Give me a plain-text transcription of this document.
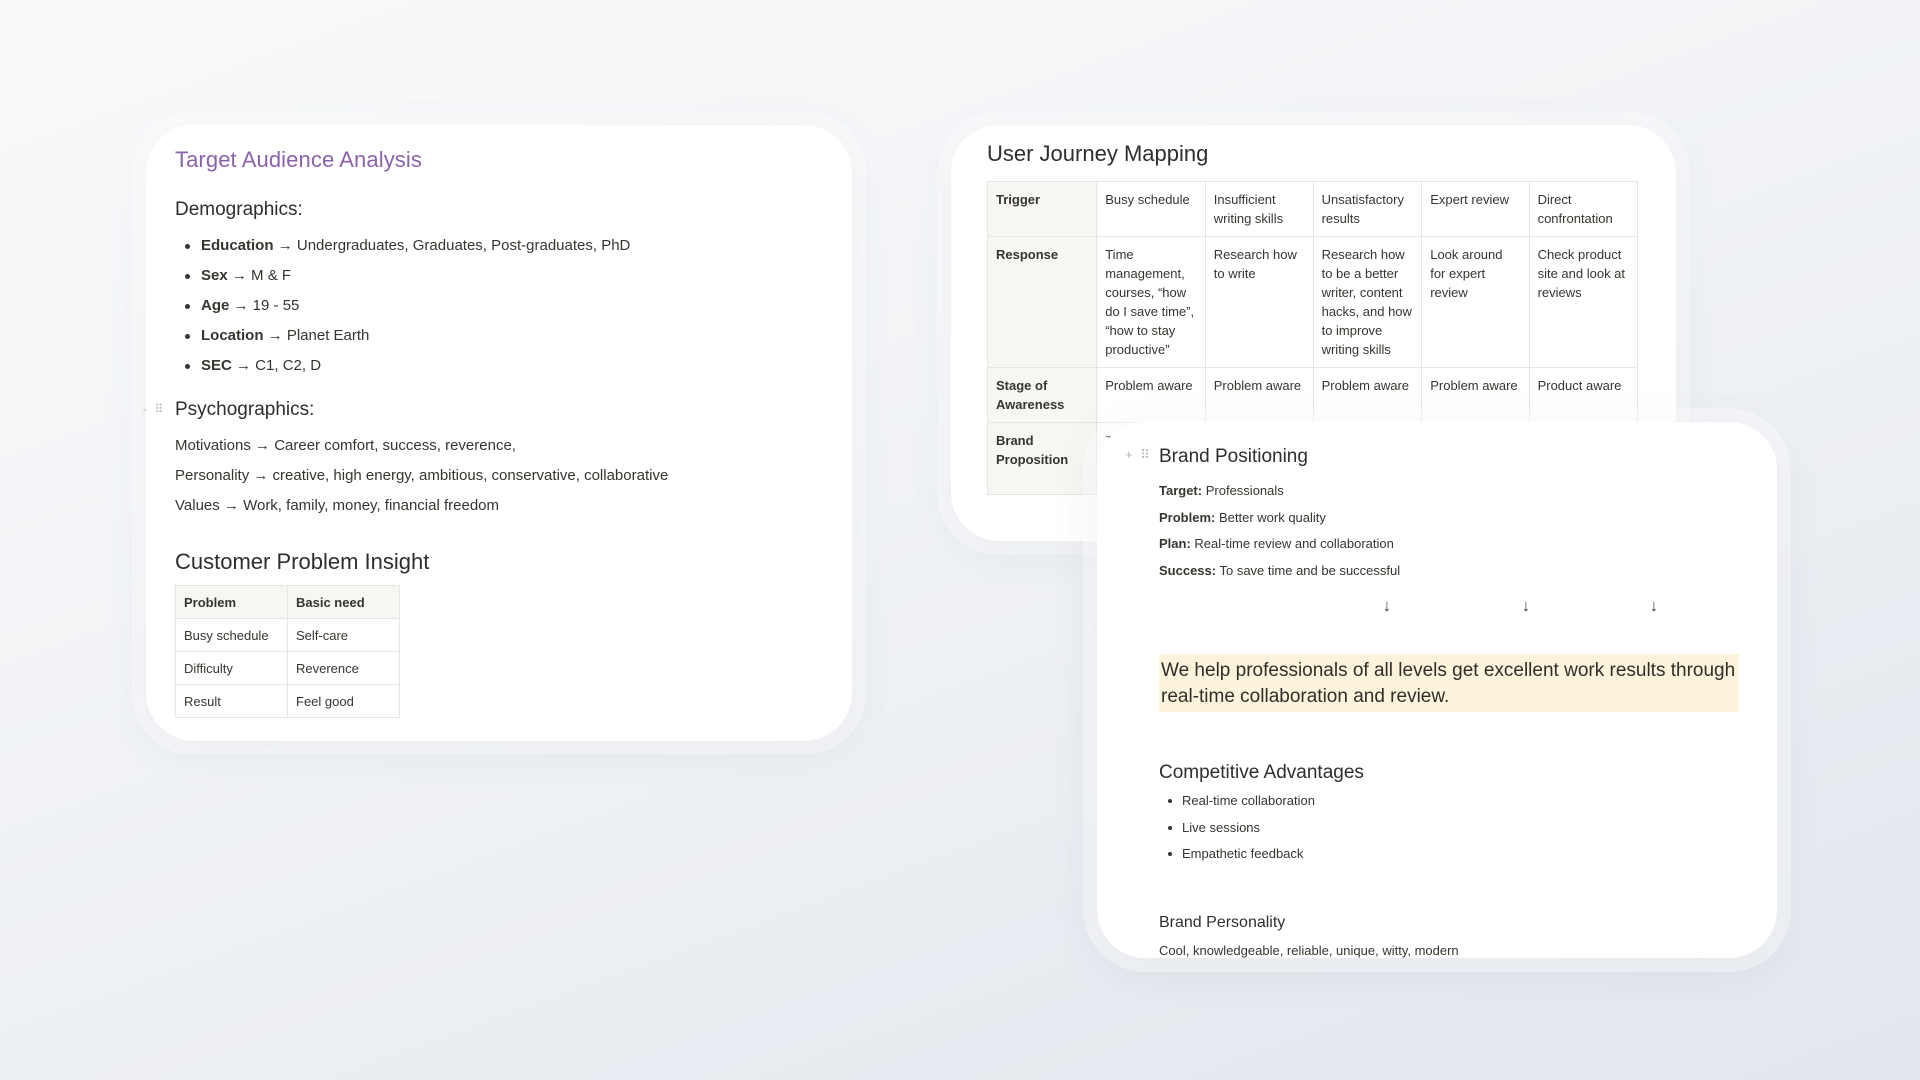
Target Audience Analysis
Demographics:
Education → Undergraduates, Graduates, Post-graduates, PhD
Sex → M & F
Age → 19 - 55
Location → Planet Earth
SEC → C1, C2, D
- ⠿ Psychographics:

Motivations → Career comfort, success, reverence,

Personality → creative, high energy, ambitious, conservative, collaborative

Values → Work, family, money, financial freedom

Customer Problem Insight
Problem	Basic need
Busy schedule	Self-care
Difficulty	Reverence
Result	Feel good
User Journey Mapping
Trigger	Busy schedule	Insufficient writing skills	Unsatisfactory results	Expert review	Direct confrontation
Response	Time management, courses, “how do I save time”, “how to stay productive”	Research how to write	Research how to be a better writer, content hacks, and how to improve writing skills	Look around for expert review	Check product site and look at reviews
Stage of Awareness	Problem aware	Problem aware	Problem aware	Problem aware	Product aware
Brand Proposition						+ ⠿ Brand Positioning

Target: Professionals

Problem: Better work quality

Plan: Real-time review and collaboration

Success: To save time and be successful

↓	↓	↓
We help professionals of all levels get excellent work results through real-time collaboration and review.
Competitive Advantages
Real-time collaboration
Live sessions
Empathetic feedback
Brand Personality

Cool, knowledgeable, reliable, unique, witty, modern
